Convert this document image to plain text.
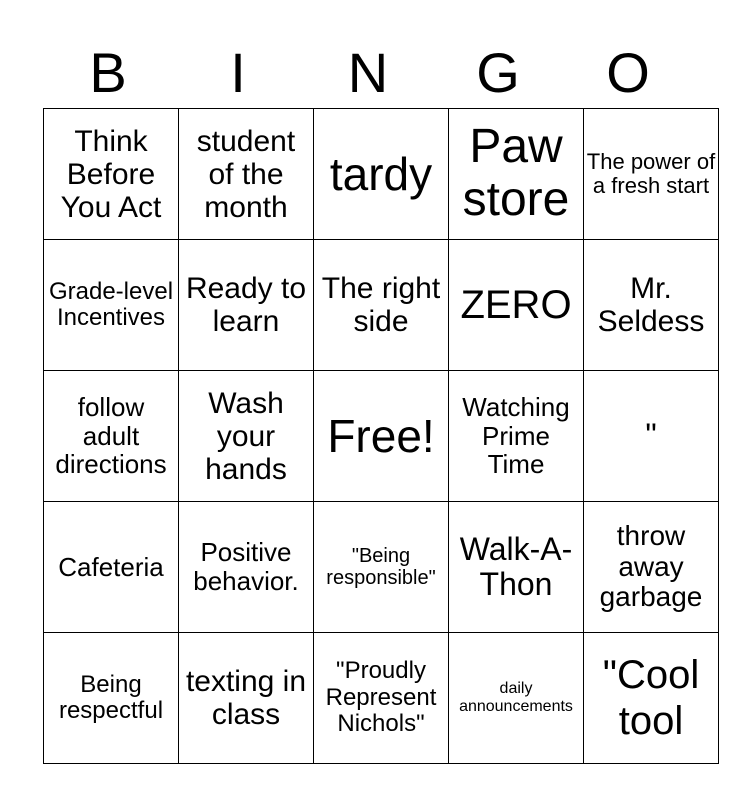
B	I	N	G	O
Think Before You Act	student of the month	tardy	Paw store	The power of a fresh start
Grade-level Incentives	Ready to learn	The right side	ZERO	Mr. Seldess
follow adult directions	Wash your hands	Free!	Watching Prime Time	"
Cafeteria	Positive behavior.	"Being responsible"	Walk-A-Thon	throw away garbage
Being respectful	texting in class	"Proudly Represent Nichols"	daily announcements	"Cool tool
